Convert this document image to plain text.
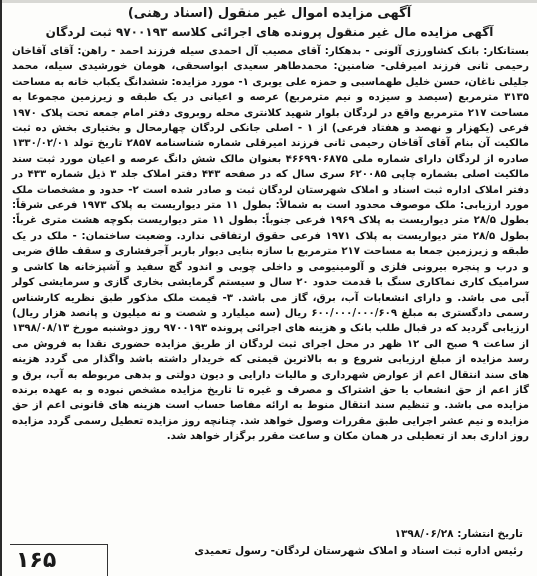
آگهی مزایده اموال غیر منقول (اسناد رهنی)
آگهی مزایده مال غیر منقول پرونده های اجرائی کلاسه ۹۷۰۰۱۹۳ ثبت لردگان

بستانکار: بانک کشاورزی آلونی - بدهکار: آقای مصیب آل احمدی سیله فرزند احمد - راهن: آقای آقاخان رحیمی ثانی فرزند امیرقلی- ضامنین: محمدطاهر سعیدی ابواسحقی، هومان خورشیدی سیله، محمد جلیلی ناغان، حسن خلیل طهماسبی و حمزه علی یوبری ۱- مورد مزایده: ششدانگ یکباب خانه به مساحت ۳۱۳۵ مترمربع (سیصد و سیزده و نیم مترمربع) عرصه و اعیانی در یک طبقه و زیرزمین مجموعا به مساحت ۲۱۷ مترمربع واقع در لردگان بلوار شهید کلانتری محله روبروی دفتر امام جمعه تحت پلاک ۱۹۷۰ فرعی (یکهزار و نهصد و هفتاد فرعی) از ۱ - اصلی جانکی لردگان چهارمحال و بختیاری بخش ده ثبت مالکیت آن بنام آقای آقاخان رحیمی ثانی فرزند امیرقلی شماره شناسنامه ۲۸۵۷ تاریخ تولد ۱۳۳۰/۰۲/۰۱ صادره از لردگان دارای شماره ملی ۴۶۶۹۹۰۶۸۷۵ بعنوان مالک شش دانگ عرصه و اعیان مورد ثبت سند مالکیت اصلی بشماره چاپی ۶۲۰۰۸۵ سری سال که در صفحه ۴۴۳ دفتر املاک جلد ۳ ذیل شماره ۴۳۳ در دفتر املاک اداره ثبت اسناد و املاک شهرستان لردگان ثبت و صادر شده است ۲- حدود و مشخصات ملک مورد ارزیابی: ملک موصوف محدود است به شمالاً: بطول ۱۱ متر دیواریست به پلاک ۱۹۷۳ فرعی شرقاً: بطول ۲۸/۵ متر دیواریست به پلاک ۱۹۶۹ فرعی جنوباً: بطول ۱۱ متر دیواریست بکوچه هشت متری غرباً: بطول ۲۸/۵ متر دیواریست به پلاک ۱۹۷۱ فرعی حقوق ارتفاقی ندارد. وضعیت ساختمان: - ملک در یک طبقه و زیرزمین جمعا به مساحت ۲۱۷ مترمربع با سازه بنایی دیوار باربر آجرفشاری و سقف طاق ضربی و درب و پنجره بیرونی فلزی و آلومینیومی و داخلی چوبی و اندود گچ سفید و آشپزخانه ها کاشی و سرامیک کاری نماکاری سنگ با قدمت حدود ۲۰ سال و سیستم گرمایشی بخاری گازی و سرمایشی کولر آبی می باشد. و دارای انشعابات آب، برق، گاز می باشد. ۳- قیمت ملک مذکور طبق نظریه کارشناس رسمی دادگستری به مبلغ ۶۰۰/۰۰۰/۰۰۰/۶۰۹ ریال (سه میلیارد و شصت و نه میلیون و پانصد هزار ریال) ارزیابی گردید که در قبال طلب بانک و هزینه های اجرائی پرونده ۹۷۰۰۱۹۳ روز دوشنبه مورخ ۱۳۹۸/۰۸/۱۳ از ساعت ۹ صبح الی ۱۲ ظهر در محل اجرای ثبت لردگان از طریق مزایده حضوری نقدا به فروش می رسد مزایده از مبلغ ارزیابی شروع و به بالاترین قیمتی که خریدار داشته باشد واگذار می گردد هزینه های سند انتقال اعم از عوارض شهرداری و مالیات دارایی و دیون دولتی و بدهی مربوطه به آب، برق و گاز اعم از حق انشعاب یا حق اشتراک و مصرف و غیره تا تاریخ مزایده مشخص نبوده و به عهده برنده مزایده می باشد. و تنظیم سند انتقال منوط به ارائه مفاصا حساب است هزینه های قانونی اعم از حق مزایده و نیم عشر اجرایی طبق مقررات وصول خواهد شد. چنانچه روز مزایده تعطیل رسمی گردد مزایده روز اداری بعد از تعطیلی در همان مکان و ساعت مقرر برگزار خواهد شد.

تاریخ انتشار: ۱۳۹۸/۰۶/۲۸
رئیس اداره ثبت اسناد و املاک شهرستان لردگان- رسول تعمیدی
۱۶۵
